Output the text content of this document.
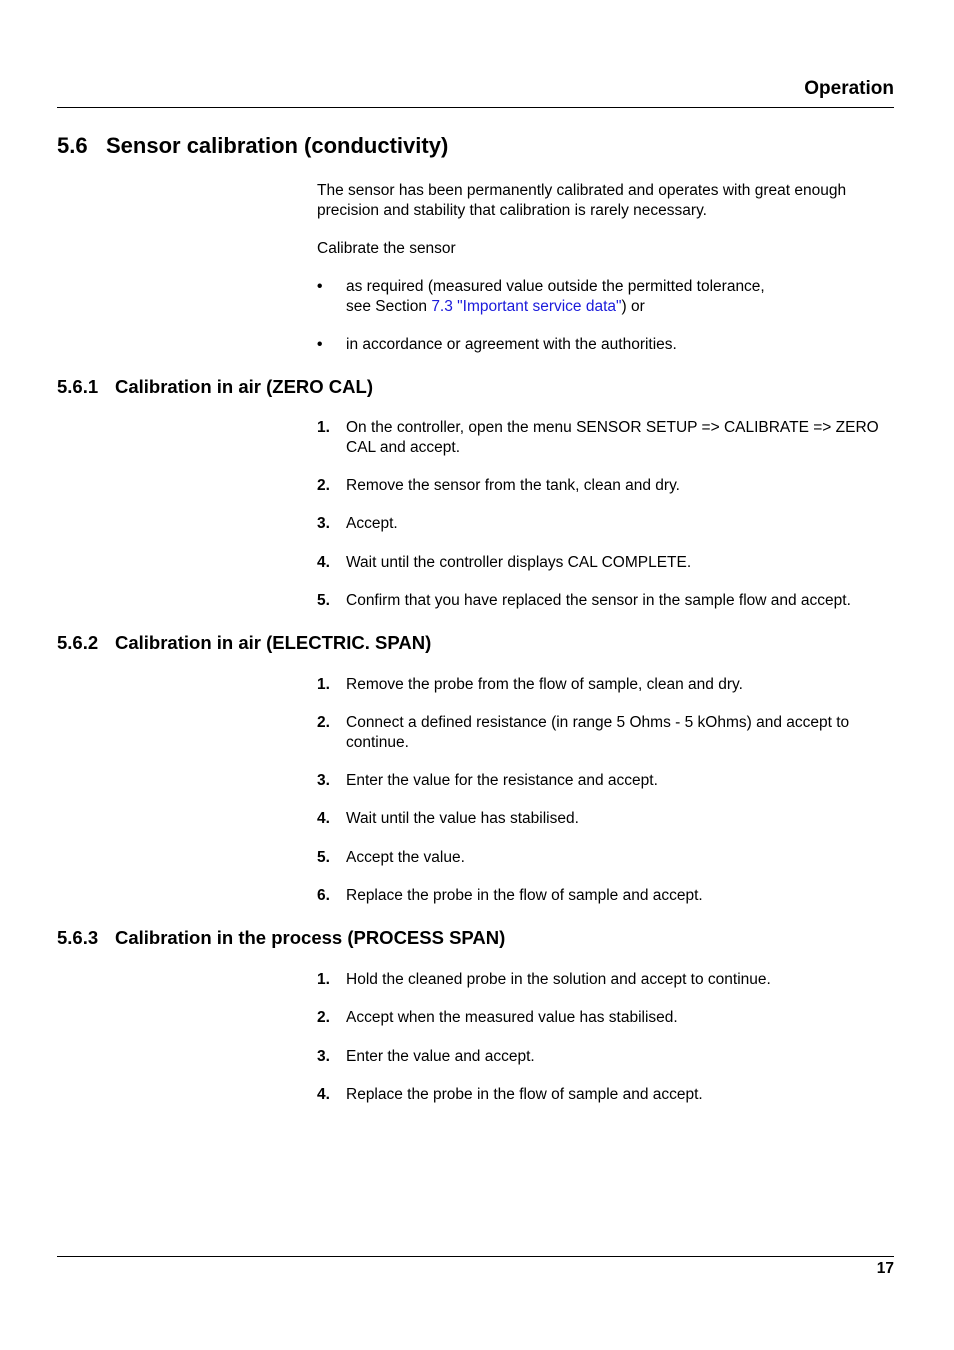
Operation
5.6 Sensor calibration (conductivity)
The sensor has been permanently calibrated and operates with great enough precision and stability that calibration is rarely necessary.
Calibrate the sensor
• as required (measured value outside the permitted tolerance,
see Section 7.3 "Important service data") or
• in accordance or agreement with the authorities.
5.6.1 Calibration in air (ZERO CAL)
1. On the controller, open the menu SENSOR SETUP => CALIBRATE => ZERO CAL and accept.
2. Remove the sensor from the tank, clean and dry.
3. Accept.
4. Wait until the controller displays CAL COMPLETE.
5. Confirm that you have replaced the sensor in the sample flow and accept.
5.6.2 Calibration in air (ELECTRIC. SPAN)
1. Remove the probe from the flow of sample, clean and dry.
2. Connect a defined resistance (in range 5 Ohms - 5 kOhms) and accept to continue.
3. Enter the value for the resistance and accept.
4. Wait until the value has stabilised.
5. Accept the value.
6. Replace the probe in the flow of sample and accept.
5.6.3 Calibration in the process (PROCESS SPAN)
1. Hold the cleaned probe in the solution and accept to continue.
2. Accept when the measured value has stabilised.
3. Enter the value and accept.
4. Replace the probe in the flow of sample and accept.
17
